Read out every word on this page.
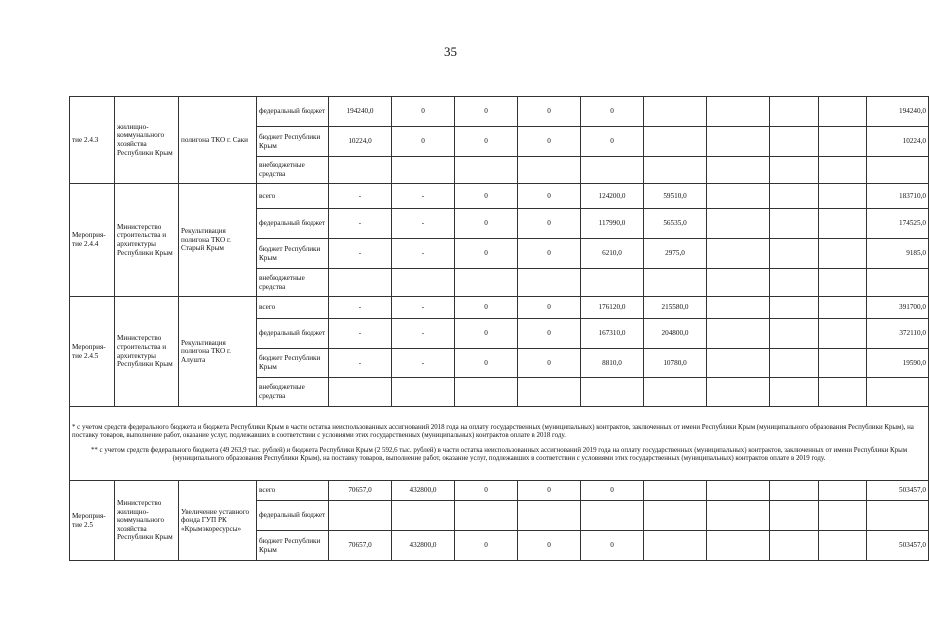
35
тие 2.4.3	жилищно-коммунального хозяйства Республики Крым	полигона ТКО г. Саки	федеральный бюджет	194240,0	0	0	0	0					194240,0
			бюджет Республики Крым	10224,0	0	0	0	0					10224,0
			внебюджетные средства										
Мероприя-тие 2.4.4	Министерство строительства и архитектуры Республики Крым	Рекультивация полигона ТКО г. Старый Крым	всего	-	-	0	0	124200,0	59510,0				183710,0
			федеральный бюджет	-	-	0	0	117990,0	56535,0				174525,0
			бюджет Республики Крым	-	-	0	0	6210,0	2975,0				9185,0
			внебюджетные средства										
Мероприя-тие 2.4.5	Министерство строительства и архитектуры Республики Крым	Рекультивация полигона ТКО г. Алушта	всего	-	-	0	0	176120,0	215580,0				391700,0
			федеральный бюджет	-	-	0	0	167310,0	204800,0				372110,0
			бюджет Республики Крым	-	-	0	0	8810,0	10780,0				19590,0
			внебюджетные средства										

* с учетом средств федерального бюджета и бюджета Республики Крым в части остатка неиспользованных ассигнований 2018 года на оплату государственных (муниципальных) контрактов, заключенных от имени Республики Крым (муниципального образования Республики Крым), на поставку товаров, выполнение работ, оказание услуг, подлежавших в соответствии с условиями этих государственных (муниципальных) контрактов оплате в 2018 году.

** с учетом средств федерального бюджета (49 263,9 тыс. рублей) и бюджета Республики Крым (2 592,6 тыс. рублей) в части остатка неиспользованных ассигнований 2019 года на оплату государственных (муниципальных) контрактов, заключенных от имени Республики Крым (муниципального образования Республики Крым), на поставку товаров, выполнение работ, оказание услуг, подлежавших в соответствии с условиями этих государственных (муниципальных) контрактов оплате в 2019 году.													

Мероприя-тие 2.5	Министерство жилищно-коммунального хозяйства Республики Крым	Увеличение уставного фонда ГУП РК «Крымэкоресурсы»	всего	70657,0	432800,0	0	0	0					503457,0
			федеральный бюджет										
			бюджет Республики Крым	70657,0	432800,0	0	0	0					503457,0
